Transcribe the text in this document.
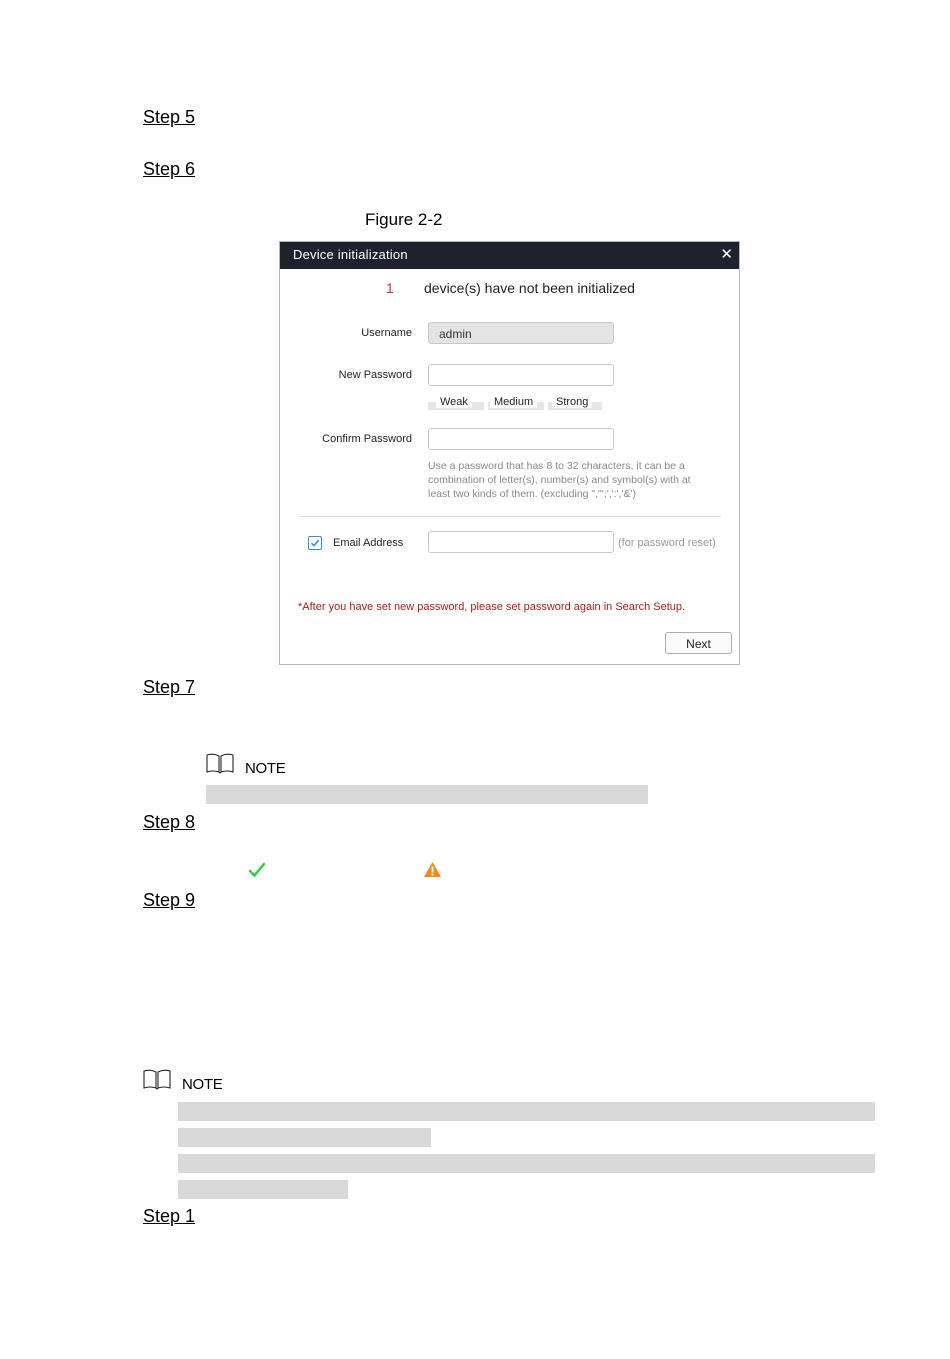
Step 5
Step 6
Figure 2-2
Device initialization	✕
1 device(s) have not been initialized
Username admin
New Password
Weak	Medium	Strong
Confirm Password
Use a password that has 8 to 32 characters, it can be a combination of letter(s), number(s) and symbol(s) with at least two kinds of them. (excluding ","';',':','&')
Email Address	(for password reset)
*After you have set new password, please set password again in Search Setup.
Next
Step 7
NOTE
Step 8
Step 9
NOTE
Step 1
